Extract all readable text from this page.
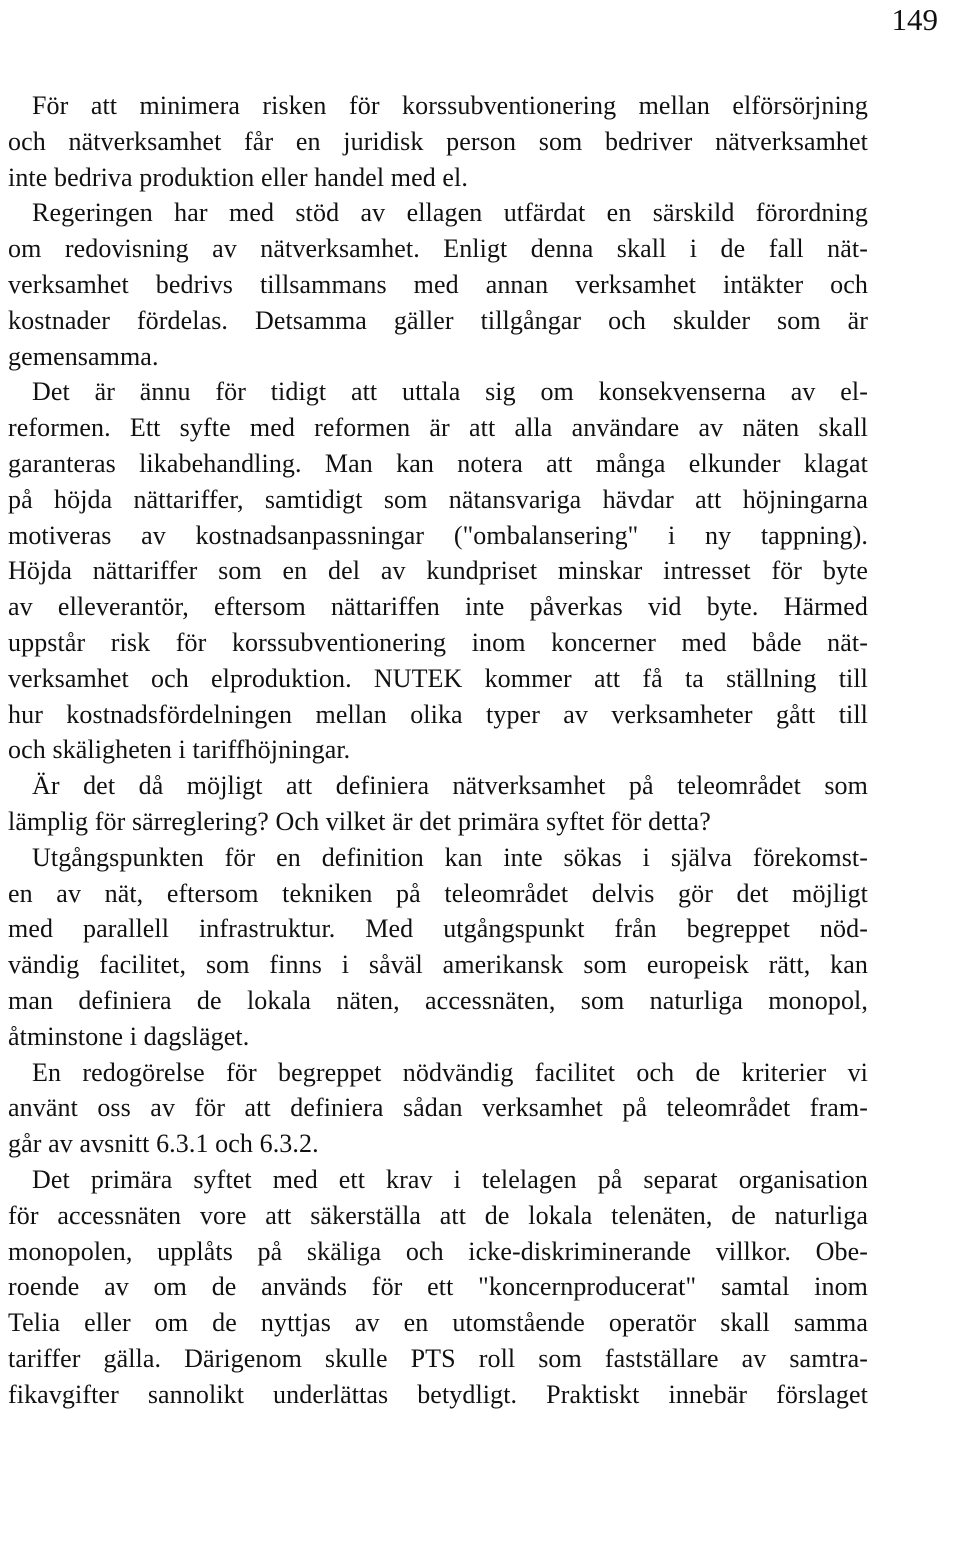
149
För att minimera risken för korssubventionering mellan elförsörjning
och nätverksamhet får en juridisk person som bedriver nätverksamhet
inte bedriva produktion eller handel med el.
Regeringen har med stöd av ellagen utfärdat en särskild förordning
om redovisning av nätverksamhet. Enligt denna skall i de fall nät-
verksamhet bedrivs tillsammans med annan verksamhet intäkter och
kostnader fördelas. Detsamma gäller tillgångar och skulder som är
gemensamma.
Det är ännu för tidigt att uttala sig om konsekvenserna av el-
reformen. Ett syfte med reformen är att alla användare av näten skall
garanteras likabehandling. Man kan notera att många elkunder klagat
på höjda nättariffer, samtidigt som nätansvariga hävdar att höjningarna
motiveras av kostnadsanpassningar ("ombalansering" i ny tappning).
Höjda nättariffer som en del av kundpriset minskar intresset för byte
av elleverantör, eftersom nättariffen inte påverkas vid byte. Härmed
uppstår risk för korssubventionering inom koncerner med både nät-
verksamhet och elproduktion. NUTEK kommer att få ta ställning till
hur kostnadsfördelningen mellan olika typer av verksamheter gått till
och skäligheten i tariffhöjningar.
Är det då möjligt att definiera nätverksamhet på teleområdet som
lämplig för särreglering? Och vilket är det primära syftet för detta?
Utgångspunkten för en definition kan inte sökas i själva förekomst-
en av nät, eftersom tekniken på teleområdet delvis gör det möjligt
med parallell infrastruktur. Med utgångspunkt från begreppet nöd-
vändig facilitet, som finns i såväl amerikansk som europeisk rätt, kan
man definiera de lokala näten, accessnäten, som naturliga monopol,
åtminstone i dagsläget.
En redogörelse för begreppet nödvändig facilitet och de kriterier vi
använt oss av för att definiera sådan verksamhet på teleområdet fram-
går av avsnitt 6.3.1 och 6.3.2.
Det primära syftet med ett krav i telelagen på separat organisation
för accessnäten vore att säkerställa att de lokala telenäten, de naturliga
monopolen, upplåts på skäliga och icke-diskriminerande villkor. Obe-
roende av om de används för ett "koncernproducerat" samtal inom
Telia eller om de nyttjas av en utomstående operatör skall samma
tariffer gälla. Därigenom skulle PTS roll som fastställare av samtra-
fikavgifter sannolikt underlättas betydligt. Praktiskt innebär förslaget
